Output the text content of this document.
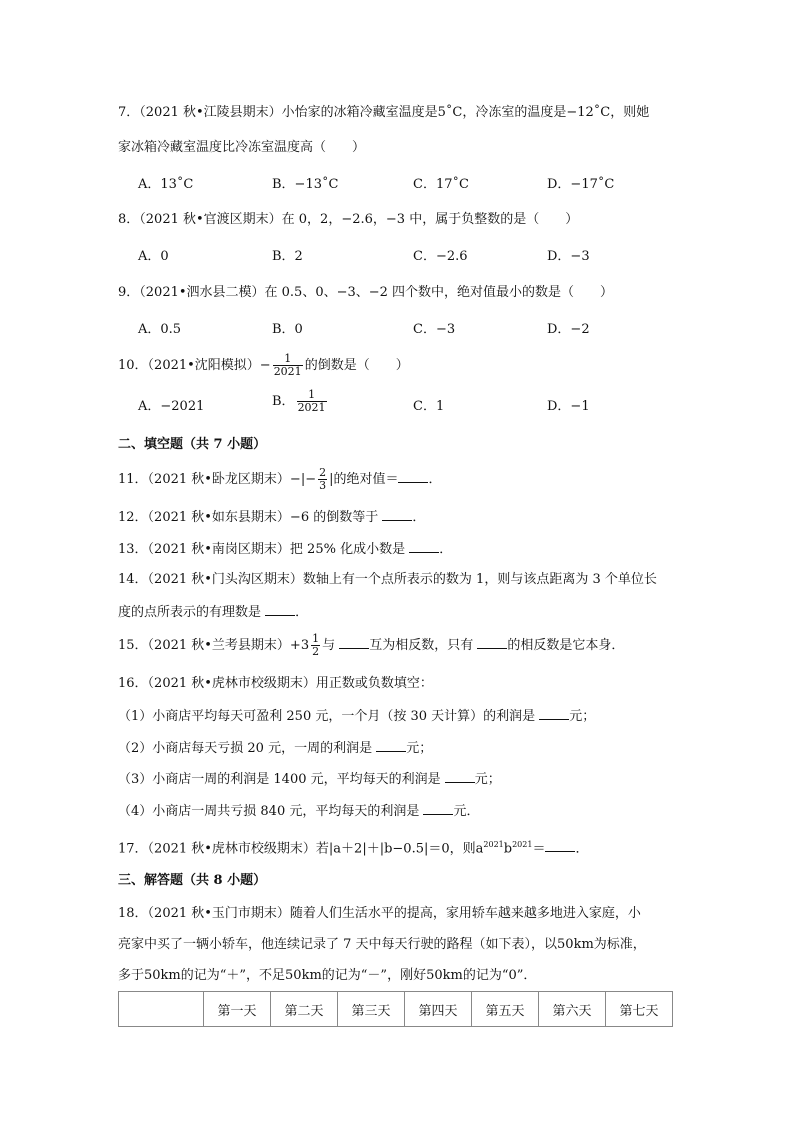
7．（2021 秋•江陵县期末）小怡家的冰箱冷藏室温度是5˚C，冷冻室的温度是−12˚C，则她
家冰箱冷藏室温度比冷冻室温度高（　　）
A．13˚C	B．−13˚C	C．17˚C	D．−17˚C
8．（2021 秋•官渡区期末）在 0，2，−2.6，−3 中，属于负整数的是（　　）
A．0	B．2	C．−2.6	D．−3
9．（2021•泗水县二模）在 0.5、0、−3、−2 四个数中，绝对值最小的数是（　　）
A．0.5	B．0	C．−3	D．−2
10．（2021•沈阳模拟）− $\frac{1}{2021}$ 的倒数是（　　）
A．−2021	B． $\frac{1}{2021}$	C．1	D．−1
二、填空题（共 7 小题）
11．（2021 秋•卧龙区期末）−|− $\frac{2}{3}$ |的绝对值＝ ．
12．（2021 秋•如东县期末）−6 的倒数等于 ．
13．（2021 秋•南岗区期末）把 25% 化成小数是 ．
14．（2021 秋•门头沟区期末）数轴上有一个点所表示的数为 1，则与该点距离为 3 个单位长
度的点所表示的有理数是 ．
15．（2021 秋•兰考县期末）$+3 \frac{1}{2}$ 与 互为相反数，只有 的相反数是它本身．
16．（2021 秋•虎林市校级期末）用正数或负数填空：
（1）小商店平均每天可盈利 250 元，一个月（按 30 天计算）的利润是 元；
（2）小商店每天亏损 20 元，一周的利润是 元；
（3）小商店一周的利润是 1400 元，平均每天的利润是 元；
（4）小商店一周共亏损 840 元，平均每天的利润是 元．
17．（2021 秋•虎林市校级期末）若|a＋2|＋|b−0.5|＝0，则$a^{2021}b^{2021}=$ ．
三、解答题（共 8 小题）
18．（2021 秋•玉门市期末）随着人们生活水平的提高，家用轿车越来越多地进入家庭，小
亮家中买了一辆小轿车，他连续记录了 7 天中每天行驶的路程（如下表），以50km为标准，
多于50km的记为“＋”，不足50km的记为“－”，刚好50km的记为“0”．
	第一天	第二天	第三天	第四天	第五天	第六天	第七天
